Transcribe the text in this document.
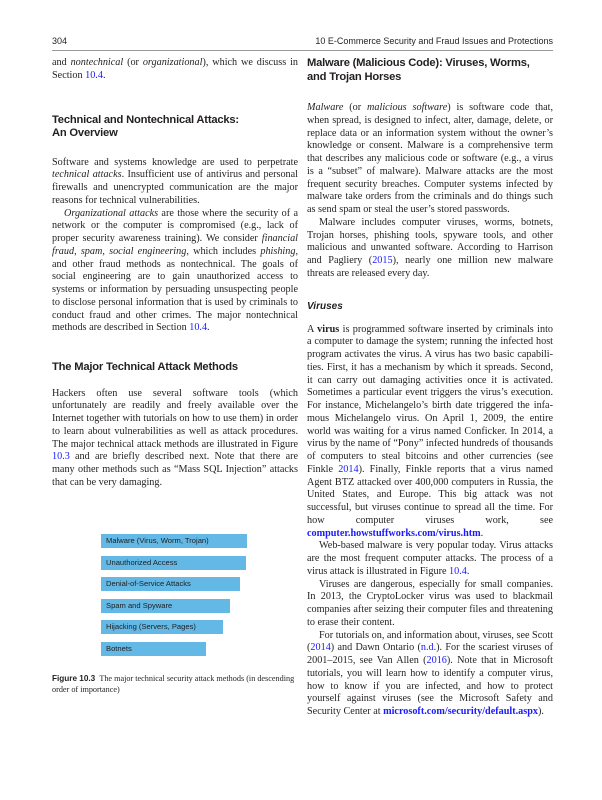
304	10 E-Commerce Security and Fraud Issues and Protections

and nontechnical (or organizational), which we discuss in Section 10.4.

Technical and Nontechnical Attacks: An Overview

Software and systems knowledge are used to perpetrate technical attacks. Insufficient use of antivirus and personal firewalls and unencrypted communication are the major reasons for technical vulnerabilities.

Organizational attacks are those where the security of a network or the computer is compromised (e.g., lack of proper security awareness training). We consider financial fraud, spam, social engineering, which includes phishing, and other fraud methods as nontechnical. The goals of social engineering are to gain unauthorized access to systems or information by persuading unsuspecting people to disclose personal information that is used by criminals to conduct fraud and other crimes. The major nontechnical methods are described in Section 10.4.

The Major Technical Attack Methods

Hackers often use several software tools (which unfortunately are readily and freely available over the Internet together with tutorials on how to use them) in order to learn about vulnerabilities as well as attack procedures. The major technical attack methods are illustrated in Figure 10.3 and are briefly described next. Note that there are many other methods such as “Mass SQL Injection” attacks that can be very damaging.

Malware (Virus, Worm, Trojan)
Unauthorized Access
Denial-of-Service Attacks
Spam and Spyware
Hijacking (Servers, Pages)
Botnets
Figure 10.3 The major technical security attack methods (in descending order of importance)
Malware (Malicious Code): Viruses, Worms, and Trojan Horses

Malware (or malicious software) is software code that, when spread, is designed to infect, alter, damage, delete, or replace data or an information system without the owner’s knowledge or consent. Malware is a comprehensive term that describes any malicious code or software (e.g., a virus is a “subset” of malware). Malware attacks are the most frequent security breaches. Computer systems infected by malware take orders from the criminals and do things such as send spam or steal the user’s stored passwords.

Malware includes computer viruses, worms, botnets, Trojan horses, phishing tools, spyware tools, and other malicious and unwanted software. According to Harrison and Pagliery (2015), nearly one million new malware threats are released every day.

Viruses

A virus is programmed software inserted by criminals into a computer to damage the system; running the infected host program activates the virus. A virus has two basic capabilities. First, it has a mechanism by which it spreads. Second, it can carry out damaging activities once it is activated. Sometimes a particular event triggers the virus’s execution. For instance, Michelangelo’s birth date triggered the infamous Michelangelo virus. On April 1, 2009, the entire world was waiting for a virus named Conficker. In 2014, a virus by the name of “Pony” infected hundreds of thousands of computers to steal bitcoins and other currencies (see Finkle 2014). Finally, Finkle reports that a virus named Agent BTZ attacked over 400,000 computers in Russia, the United States, and Europe. This big attack was not successful, but viruses continue to spread all the time. For how computer viruses work, see computer.howstuffworks.com/virus.htm.

Web-based malware is very popular today. Virus attacks are the most frequent computer attacks. The process of a virus attack is illustrated in Figure 10.4.

Viruses are dangerous, especially for small companies. In 2013, the CryptoLocker virus was used to blackmail companies after seizing their computer files and threatening to erase their content.

For tutorials on, and information about, viruses, see Scott (2014) and Dawn Ontario (n.d.). For the scariest viruses of 2001–2015, see Van Allen (2016). Note that in Microsoft tutorials, you will learn how to identify a computer virus, how to know if you are infected, and how to protect yourself against viruses (see the Microsoft Safety and Security Center at microsoft.com/security/default.aspx).
